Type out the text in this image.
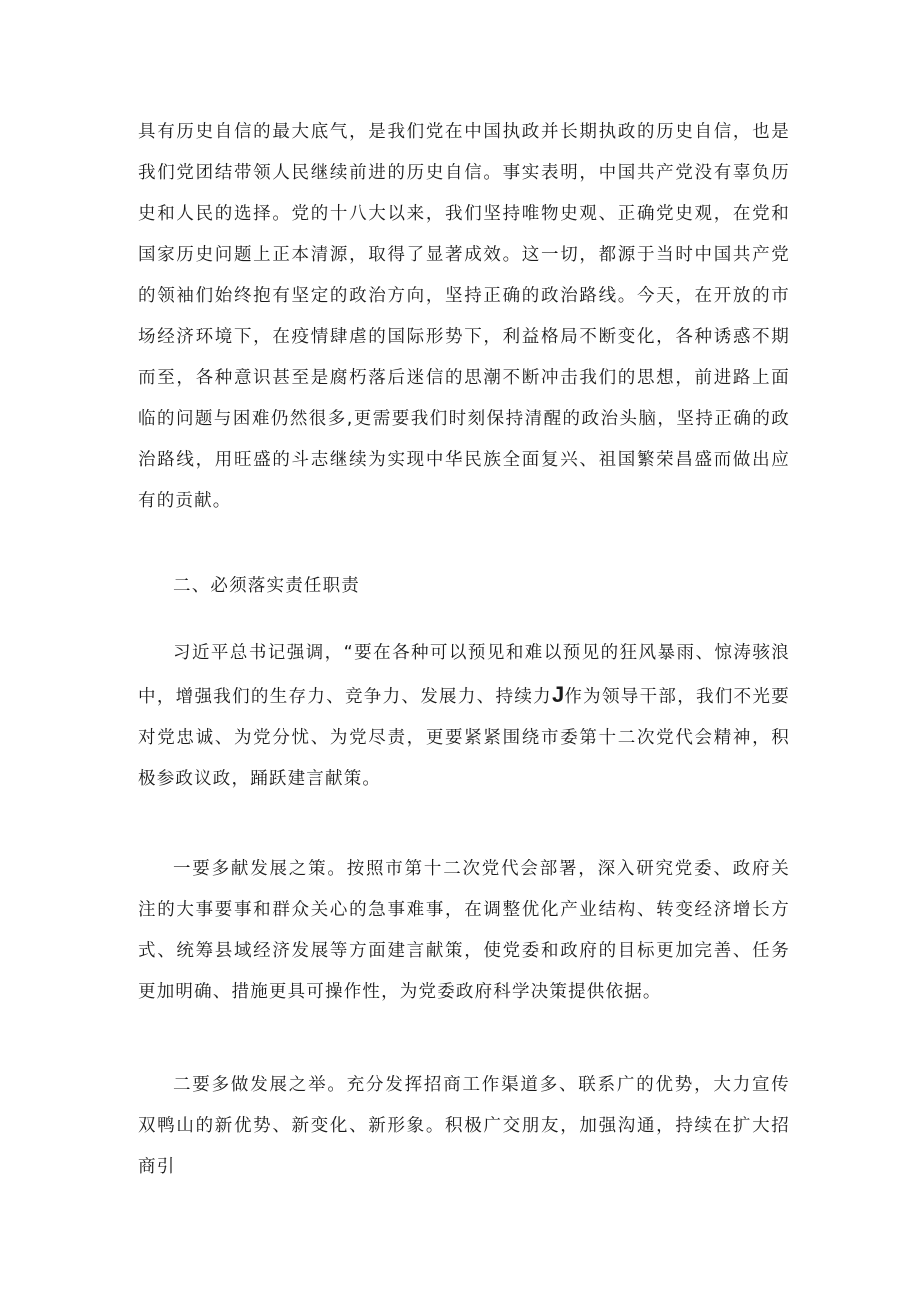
具有历史自信的最大底气，是我们党在中国执政并长期执政的历史自信，也是我们党团结带领人民继续前进的历史自信。事实表明，中国共产党没有辜负历史和人民的选择。党的十八大以来，我们坚持唯物史观、正确党史观，在党和国家历史问题上正本清源，取得了显著成效。这一切，都源于当时中国共产党的领袖们始终抱有坚定的政治方向，坚持正确的政治路线。今天，在开放的市场经济环境下，在疫情肆虐的国际形势下，利益格局不断变化，各种诱惑不期而至，各种意识甚至是腐朽落后迷信的思潮不断冲击我们的思想，前进路上面临的问题与困难仍然很多,更需要我们时刻保持清醒的政治头脑，坚持正确的政治路线，用旺盛的斗志继续为实现中华民族全面复兴、祖国繁荣昌盛而做出应有的贡献。

二、必须落实责任职责

习近平总书记强调，“要在各种可以预见和难以预见的狂风暴雨、惊涛骇浪中，增强我们的生存力、竞争力、发展力、持续力J作为领导干部，我们不光要对党忠诚、为党分忧、为党尽责，更要紧紧围绕市委第十二次党代会精神，积极参政议政，踊跃建言献策。

一要多献发展之策。按照市第十二次党代会部署，深入研究党委、政府关注的大事要事和群众关心的急事难事，在调整优化产业结构、转变经济增长方式、统筹县域经济发展等方面建言献策，使党委和政府的目标更加完善、任务更加明确、措施更具可操作性，为党委政府科学决策提供依据。

二要多做发展之举。充分发挥招商工作渠道多、联系广的优势，大力宣传双鸭山的新优势、新变化、新形象。积极广交朋友，加强沟通，持续在扩大招商引
